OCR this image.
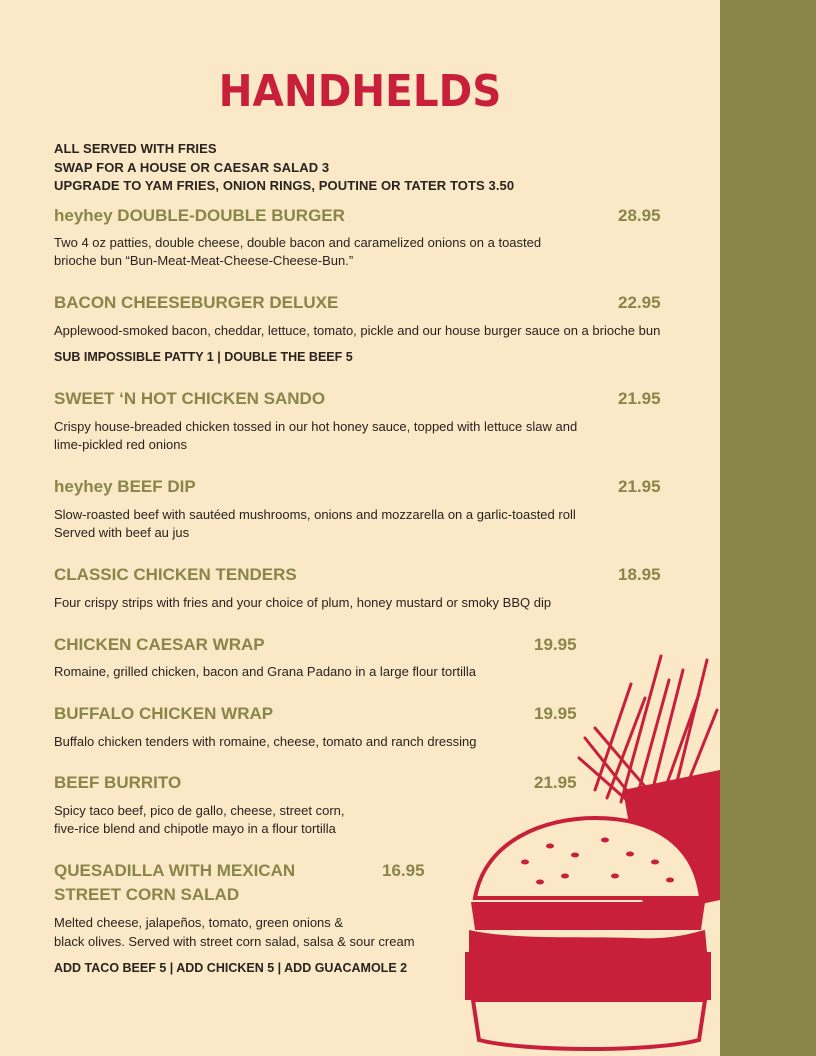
HANDHELDS
ALL SERVED WITH FRIES
SWAP FOR A HOUSE OR CAESAR SALAD 3
UPGRADE TO YAM FRIES, ONION RINGS, POUTINE OR TATER TOTS 3.50
heyhey DOUBLE-DOUBLE BURGER	28.95
Two 4 oz patties, double cheese, double bacon and caramelized onions on a toasted
brioche bun “Bun-Meat-Meat-Cheese-Cheese-Bun.”
BACON CHEESEBURGER DELUXE	22.95
Applewood-smoked bacon, cheddar, lettuce, tomato, pickle and our house burger sauce on a brioche bun
SUB IMPOSSIBLE PATTY 1 | DOUBLE THE BEEF 5
SWEET ‘N HOT CHICKEN SANDO	21.95
Crispy house-breaded chicken tossed in our hot honey sauce, topped with lettuce slaw and
lime-pickled red onions
heyhey BEEF DIP	21.95
Slow-roasted beef with sautéed mushrooms, onions and mozzarella on a garlic-toasted roll
Served with beef au jus
CLASSIC CHICKEN TENDERS	18.95
Four crispy strips with fries and your choice of plum, honey mustard or smoky BBQ dip
CHICKEN CAESAR WRAP	19.95
Romaine, grilled chicken, bacon and Grana Padano in a large flour tortilla
BUFFALO CHICKEN WRAP	19.95
Buffalo chicken tenders with romaine, cheese, tomato and ranch dressing
BEEF BURRITO	21.95
Spicy taco beef, pico de gallo, cheese, street corn,
five-rice blend and chipotle mayo in a flour tortilla
QUESADILLA WITH MEXICAN
STREET CORN SALAD
16.95
Melted cheese, jalapeños, tomato, green onions &
black olives. Served with street corn salad, salsa & sour cream
ADD TACO BEEF 5 | ADD CHICKEN 5 | ADD GUACAMOLE 2
